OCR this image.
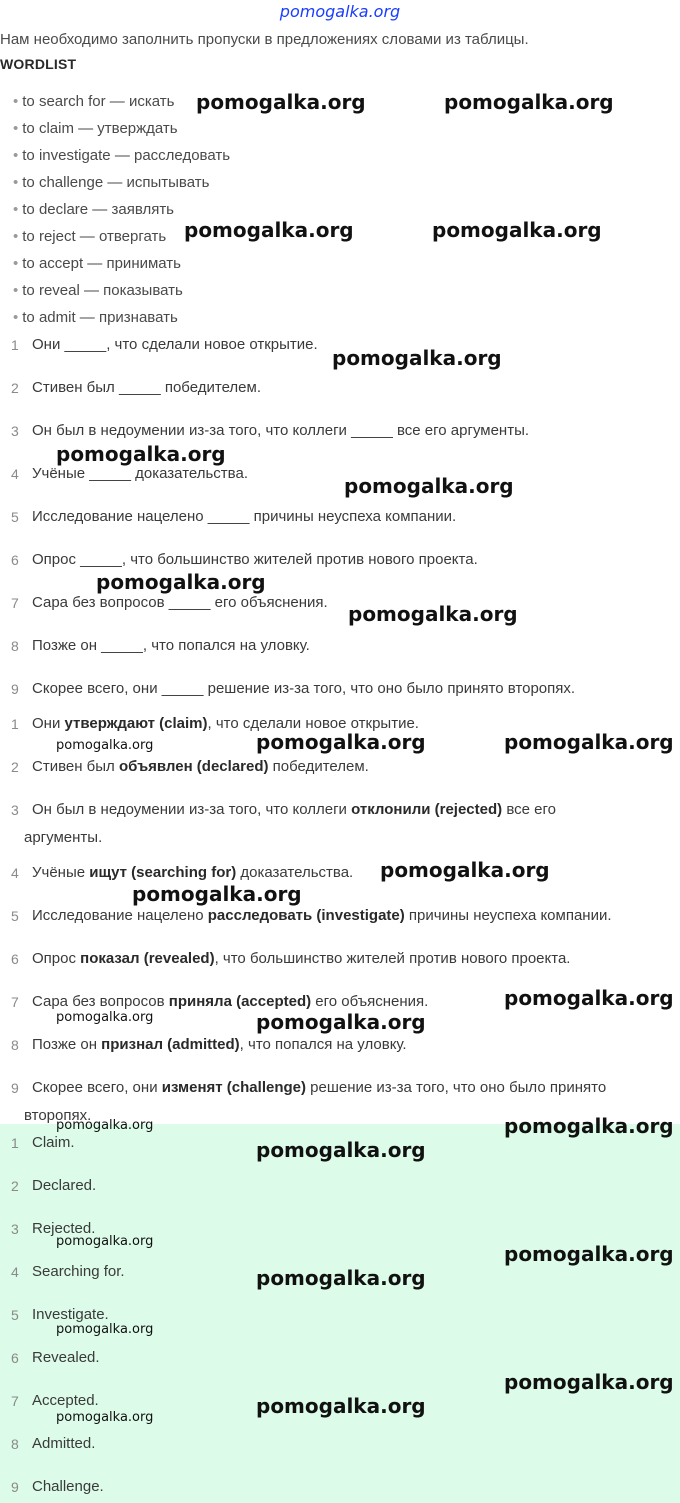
pomogalka.org
Нам необходимо заполнить пропуски в предложениях словами из таблицы.
WORDLIST
• to search for — искать
• to claim — утверждать
• to investigate — расследовать
• to challenge — испытывать
• to declare — заявлять
• to reject — отвергать
• to accept — принимать
• to reveal — показывать
• to admit — признавать
1 Они _____, что сделали новое открытие.
2 Стивен был _____ победителем.
3 Он был в недоумении из-за того, что коллеги _____ все его аргументы.
4 Учёные _____ доказательства.
5 Исследование нацелено _____ причины неуспеха компании.
6 Опрос _____, что большинство жителей против нового проекта.
7 Сара без вопросов _____ его объяснения.
8 Позже он _____, что попался на уловку.
9 Скорее всего, они _____ решение из-за того, что оно было принято второпях.
1 Они утверждают (claim), что сделали новое открытие.
2 Стивен был объявлен (declared) победителем.
3 Он был в недоумении из-за того, что коллеги отклонили (rejected) все его
аргументы.
4 Учёные ищут (searching for) доказательства.
5 Исследование нацелено расследовать (investigate) причины неуспеха компании.
6 Опрос показал (revealed), что большинство жителей против нового проекта.
7 Сара без вопросов приняла (accepted) его объяснения.
8 Позже он признал (admitted), что попался на уловку.
9 Скорее всего, они изменят (challenge) решение из-за того, что оно было принято
второпях.
1 Claim.
2 Declared.
3 Rejected.
4 Searching for.
5 Investigate.
6 Revealed.
7 Accepted.
8 Admitted.
9 Challenge.
pomogalka.org	pomogalka.org
pomogalka.org	pomogalka.org
pomogalka.org
pomogalka.org
pomogalka.org
pomogalka.org
pomogalka.org
pomogalka.org	pomogalka.org	pomogalka.org
pomogalka.org
pomogalka.org
pomogalka.org
pomogalka.org	pomogalka.org
pomogalka.org	pomogalka.org
pomogalka.org
pomogalka.org
pomogalka.org
pomogalka.org
pomogalka.org
pomogalka.org
pomogalka.org
pomogalka.org
